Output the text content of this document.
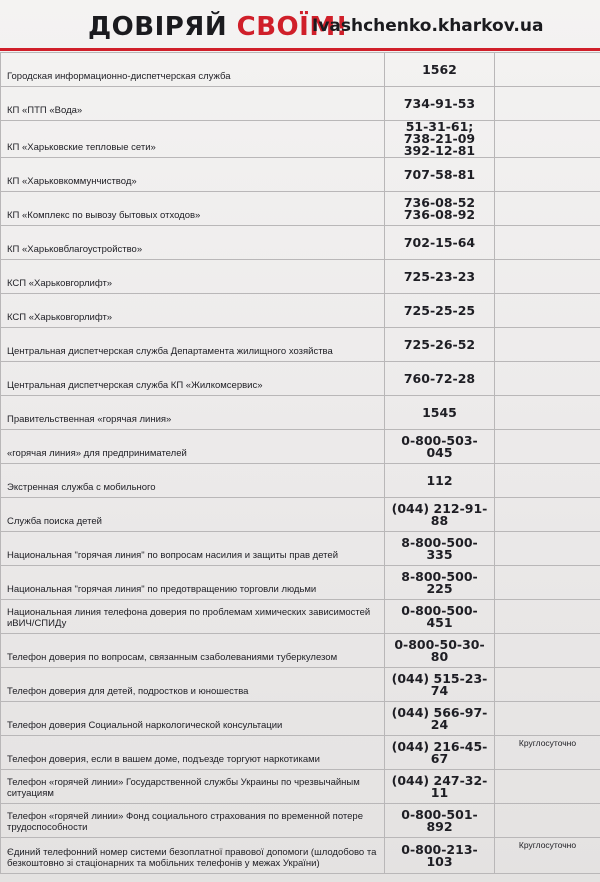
ДОВІРЯЙ СВОЇМ!
Ivashchenko.kharkov.ua
Городская информационно-диспетчерская служба	1562	

КП «ПТП «Вода»	734-91-53	

КП «Харьковские тепловые сети»	51-31-61; 738-21-09
392-12-81	

КП «Харьковкоммунчиствод»	707-58-81	

КП «Комплекс по вывозу бытовых отходов»	736-08-52
736-08-92	

КП «Харьковблагоустройство»	702-15-64	

КСП «Харьковгорлифт»	725-23-23	

КСП «Харьковгорлифт»	725-25-25	

Центральная диспетчерская служба Департамента жилищного хозяйства	725-26-52	

Центральная диспетчерская служба КП «Жилкомсервис»	760-72-28	

Правительственная «горячая линия»	1545	

«горячая линия» для предпринимателей	0-800-503-045	

Экстренная служба с мобильного	112	

Служба поиска детей	(044) 212-91-88	

Национальная "горячая линия" по вопросам насилия и защиты прав детей	8-800-500-335	

Национальная "горячая линия" по предотвращению торговли людьми	8-800-500-225	

Национальная линия телефона доверия по проблемам химических зависимостей иВИЧ/СПИДу	0-800-500-451	

Телефон доверия по вопросам, связанным сзаболеваниями туберкулезом	0-800-50-30-80	

Телефон доверия для детей, подростков и юношества	(044) 515-23-74	

Телефон доверия Социальной наркологической консультации	(044) 566-97-24	

Телефон доверия, если в вашем доме, подъезде торгуют наркотиками	(044) 216-45-67	Круглосуточно
Телефон «горячей линии» Государственной службы Украины по чрезвычайным ситуациям	(044) 247-32-11	

Телефон «горячей линии» Фонд социального страхования по временной потере трудоспособности	0-800-501-892	

Єдиний телефонний номер системи безоплатної правової допомоги (шлодобово та безкоштовно зі стаціонарних та мобільних телефонів у межах України)	0-800-213-103	Круглосуточно
